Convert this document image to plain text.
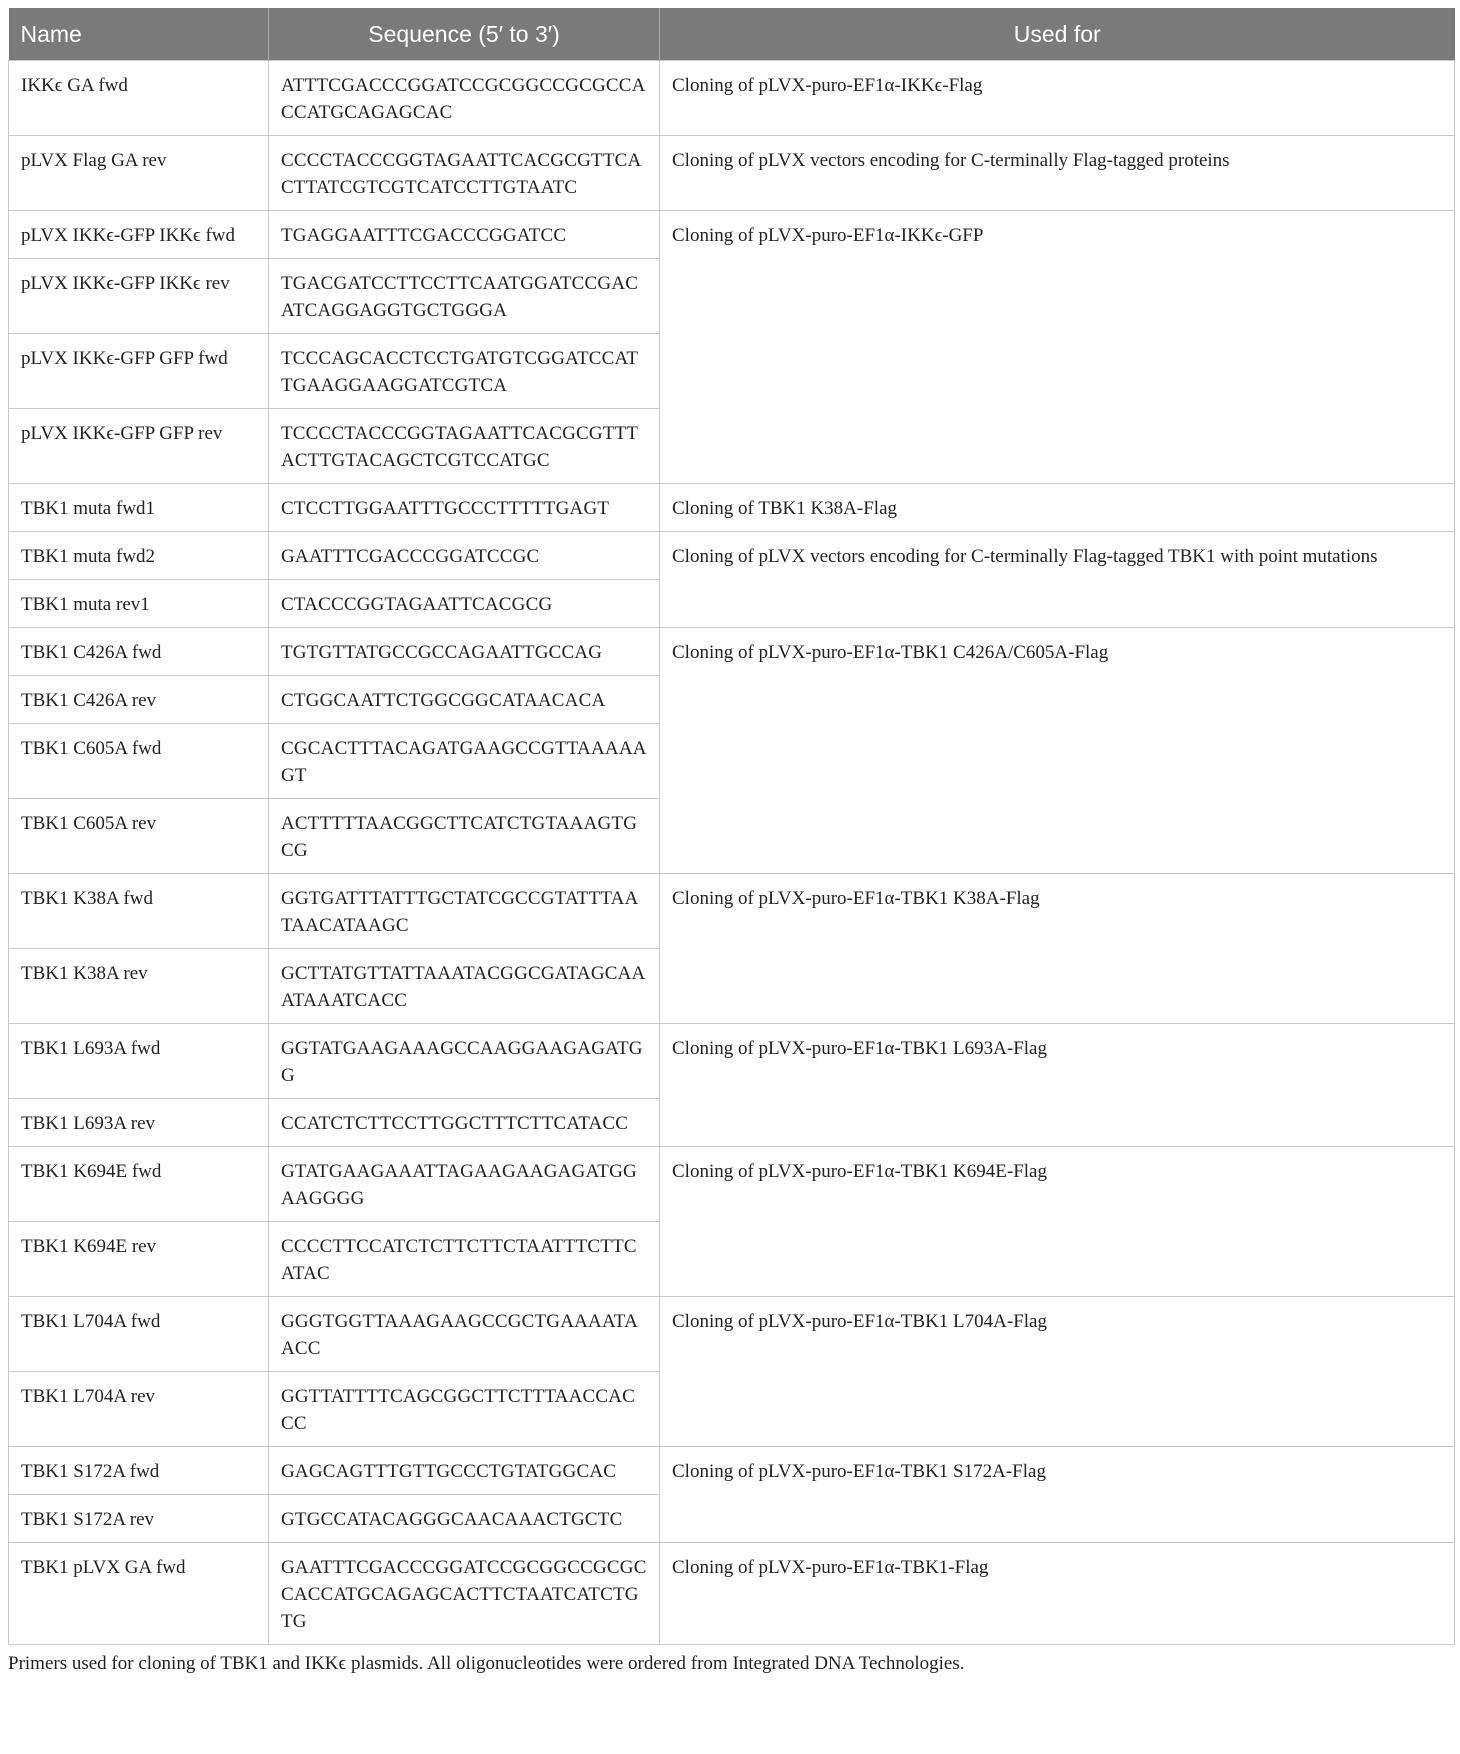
Name	Sequence (5′ to 3′)	Used for
IKKϵ GA fwd	ATTTCGACCCGGATCCGCGGCCGCGCCACCATGCAGAGCAC	Cloning of pLVX-puro-EF1α-IKKϵ-Flag
pLVX Flag GA rev	CCCCTACCCGGTAGAATTCACGCGTTCACTTATCGTCGTCATCCTTGTAATC	Cloning of pLVX vectors encoding for C-terminally Flag-tagged proteins
pLVX IKKϵ-GFP IKKϵ fwd	TGAGGAATTTCGACCCGGATCC	Cloning of pLVX-puro-EF1α-IKKϵ-GFP
pLVX IKKϵ-GFP IKKϵ rev	TGACGATCCTTCCTTCAATGGATCCGACATCAGGAGGTGCTGGGA	
pLVX IKKϵ-GFP GFP fwd	TCCCAGCACCTCCTGATGTCGGATCCATTGAAGGAAGGATCGTCA	
pLVX IKKϵ-GFP GFP rev	TCCCCTACCCGGTAGAATTCACGCGTTTACTTGTACAGCTCGTCCATGC	
TBK1 muta fwd1	CTCCTTGGAATTTGCCCTTTTTGAGT	Cloning of TBK1 K38A-Flag
TBK1 muta fwd2	GAATTTCGACCCGGATCCGC	Cloning of pLVX vectors encoding for C-terminally Flag-tagged TBK1 with point mutations
TBK1 muta rev1	CTACCCGGTAGAATTCACGCG	
TBK1 C426A fwd	TGTGTTATGCCGCCAGAATTGCCAG	Cloning of pLVX-puro-EF1α-TBK1 C426A/C605A-Flag
TBK1 C426A rev	CTGGCAATTCTGGCGGCATAACACA	
TBK1 C605A fwd	CGCACTTTACAGATGAAGCCGTTAAAAAGT	
TBK1 C605A rev	ACTTTTTAACGGCTTCATCTGTAAAGTGCG	
TBK1 K38A fwd	GGTGATTTATTTGCTATCGCCGTATTTAATAACATAAGC	Cloning of pLVX-puro-EF1α-TBK1 K38A-Flag
TBK1 K38A rev	GCTTATGTTATTAAATACGGCGATAGCAAATAAATCACC	
TBK1 L693A fwd	GGTATGAAGAAAGCCAAGGAAGAGATGG	Cloning of pLVX-puro-EF1α-TBK1 L693A-Flag
TBK1 L693A rev	CCATCTCTTCCTTGGCTTTCTTCATACC	
TBK1 K694E fwd	GTATGAAGAAATTAGAAGAAGAGATGGAAGGGG	Cloning of pLVX-puro-EF1α-TBK1 K694E-Flag
TBK1 K694E rev	CCCCTTCCATCTCTTCTTCTAATTTCTTCATAC	
TBK1 L704A fwd	GGGTGGTTAAAGAAGCCGCTGAAAATAACC	Cloning of pLVX-puro-EF1α-TBK1 L704A-Flag
TBK1 L704A rev	GGTTATTTTCAGCGGCTTCTTTAACCACCC	
TBK1 S172A fwd	GAGCAGTTTGTTGCCCTGTATGGCAC	Cloning of pLVX-puro-EF1α-TBK1 S172A-Flag
TBK1 S172A rev	GTGCCATACAGGGCAACAAACTGCTC	
TBK1 pLVX GA fwd	GAATTTCGACCCGGATCCGCGGCCGCGCCACCATGCAGAGCACTTCTAATCATCTGTG	Cloning of pLVX-puro-EF1α-TBK1-Flag
Primers used for cloning of TBK1 and IKKϵ plasmids. All oligonucleotides were ordered from Integrated DNA Technologies.
